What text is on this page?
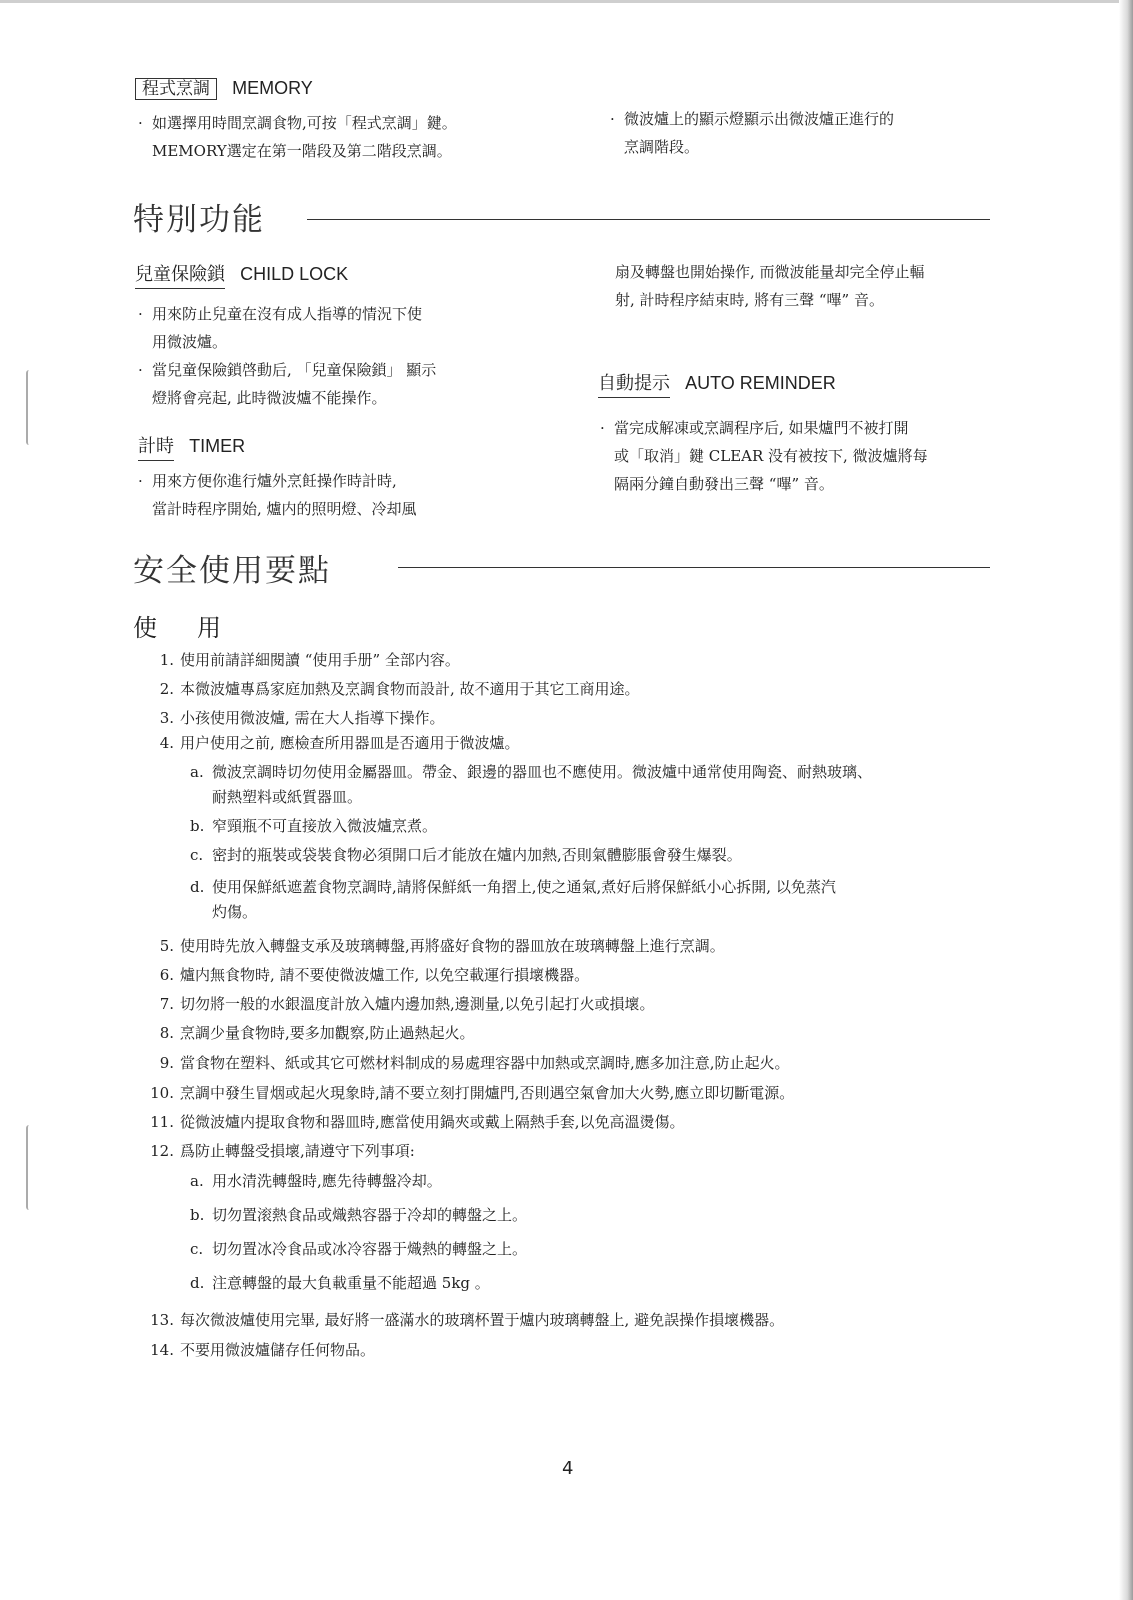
程式烹調 MEMORY
· 如選擇用時間烹調食物,可按「程式烹調」鍵。
MEMORY選定在第一階段及第二階段烹調。
· 微波爐上的顯示燈顯示出微波爐正進行的
烹調階段。
特別功能
兒童保險鎖 CHILD LOCK
· 用來防止兒童在沒有成人指導的情況下使
用微波爐。
· 當兒童保險鎖啓動后, 「兒童保險鎖」 顯示
燈將會亮起, 此時微波爐不能操作。
計時 TIMER
· 用來方便你進行爐外烹飪操作時計時,
當計時程序開始, 爐内的照明燈、冷却風
扇及轉盤也開始操作, 而微波能量却完全停止輻
射, 計時程序結束時, 將有三聲 “嗶” 音。
自動提示 AUTO REMINDER
· 當完成解凍或烹調程序后, 如果爐門不被打開
或「取消」鍵 CLEAR 没有被按下, 微波爐將每
隔兩分鐘自動發出三聲 “嗶” 音。
安全使用要點
使用
1. 使用前請詳細閱讀 “使用手册” 全部内容。
2. 本微波爐專爲家庭加熱及烹調食物而設計, 故不適用于其它工商用途。
3. 小孩使用微波爐, 需在大人指導下操作。
4. 用户使用之前, 應檢查所用器皿是否適用于微波爐。
a. 微波烹調時切勿使用金屬器皿。帶金、銀邊的器皿也不應使用。微波爐中通常使用陶瓷、耐熱玻璃、
耐熱塑料或紙質器皿。
b. 窄頸瓶不可直接放入微波爐烹煮。
c. 密封的瓶裝或袋裝食物必須開口后才能放在爐内加熱,否則氣體膨脹會發生爆裂。
d. 使用保鮮紙遮蓋食物烹調時,請將保鮮紙一角摺上,使之通氣,煮好后將保鮮紙小心拆開, 以免蒸汽
灼傷。
5. 使用時先放入轉盤支承及玻璃轉盤,再將盛好食物的器皿放在玻璃轉盤上進行烹調。
6. 爐内無食物時, 請不要使微波爐工作, 以免空載運行損壞機器。
7. 切勿將一般的水銀溫度計放入爐内邊加熱,邊測量,以免引起打火或損壞。
8. 烹調少量食物時,要多加觀察,防止過熱起火。
9. 當食物在塑料、紙或其它可燃材料制成的易處理容器中加熱或烹調時,應多加注意,防止起火。
10. 烹調中發生冒烟或起火現象時,請不要立刻打開爐門,否則遇空氣會加大火勢,應立即切斷電源。
11. 從微波爐内提取食物和器皿時,應當使用鍋夾或戴上隔熱手套,以免高溫燙傷。
12. 爲防止轉盤受損壞,請遵守下列事項:
a. 用水清洗轉盤時,應先待轉盤冷却。
b. 切勿置滚熱食品或熾熱容器于冷却的轉盤之上。
c. 切勿置冰冷食品或冰冷容器于熾熱的轉盤之上。
d. 注意轉盤的最大負載重量不能超過 5kg 。
13. 每次微波爐使用完畢, 最好將一盛滿水的玻璃杯置于爐内玻璃轉盤上, 避免誤操作損壞機器。
14. 不要用微波爐儲存任何物品。
4
